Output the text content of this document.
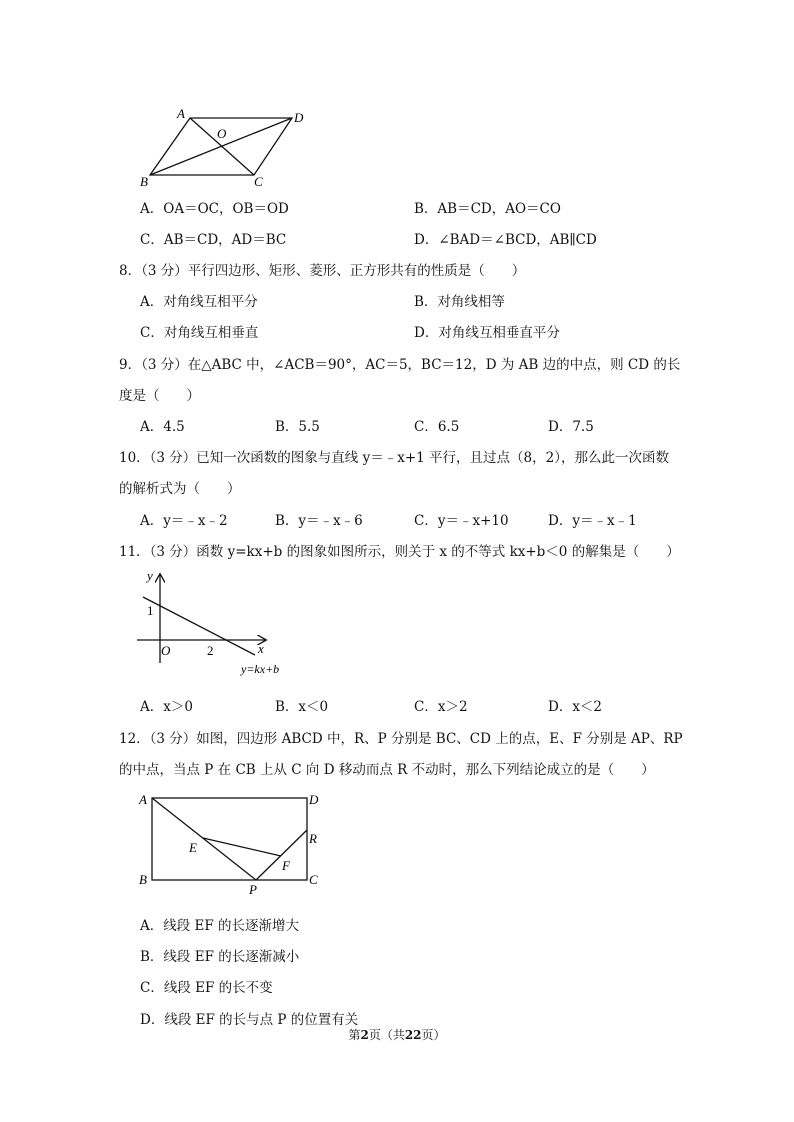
A	D
O
B	C
A．OA＝OC，OB＝OD	B．AB＝CD，AO＝CO
C．AB＝CD，AD＝BC	D．∠BAD＝∠BCD，AB∥CD
8．（3 分）平行四边形、矩形、菱形、正方形共有的性质是（　　）
A．对角线互相平分	B．对角线相等
C．对角线互相垂直	D．对角线互相垂直平分
9．（3 分）在△ABC 中，∠ACB＝90°，AC＝5，BC＝12，D 为 AB 边的中点，则 CD 的长
度是（　　）
A．4.5	B．5.5	C．6.5	D．7.5
10．（3 分）已知一次函数的图象与直线 y＝﹣x+1 平行，且过点（8，2），那么此一次函数
的解析式为（　　）
A．y＝﹣x﹣2	B．y＝﹣x﹣6	C．y＝﹣x+10	D．y＝﹣x﹣1
11．（3 分）函数 y=kx+b 的图象如图所示，则关于 x 的不等式 kx+b＜0 的解集是（　　）
y
x
1
O	2
y=kx+b
A．x＞0	B．x＜0	C．x＞2	D．x＜2
12．（3 分）如图，四边形 ABCD 中，R、P 分别是 BC、CD 上的点，E、F 分别是 AP、RP
的中点，当点 P 在 CB 上从 C 向 D 移动而点 R 不动时，那么下列结论成立的是（　　）
A	D
R
E
F
B	C
P
A．线段 EF 的长逐渐增大
B．线段 EF 的长逐渐减小
C．线段 EF 的长不变
D．线段 EF 的长与点 P 的位置有关
第2页（共22页）
